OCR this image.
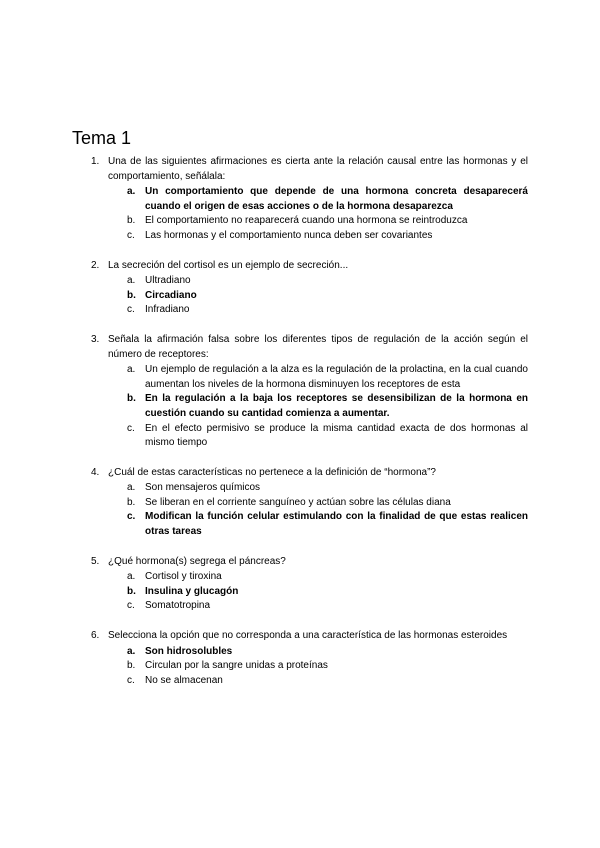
Tema 1
1. Una de las siguientes afirmaciones es cierta ante la relación causal entre las hormonas y el comportamiento, señálala:
a. Un comportamiento que depende de una hormona concreta desaparecerá cuando el origen de esas acciones o de la hormona desaparezca
b. El comportamiento no reaparecerá cuando una hormona se reintroduzca
c. Las hormonas y el comportamiento nunca deben ser covariantes
2. La secreción del cortisol es un ejemplo de secreción...
a. Ultradiano
b. Circadiano
c. Infradiano
3. Señala la afirmación falsa sobre los diferentes tipos de regulación de la acción según el número de receptores:
a. Un ejemplo de regulación a la alza es la regulación de la prolactina, en la cual cuando aumentan los niveles de la hormona disminuyen los receptores de esta
b. En la regulación a la baja los receptores se desensibilizan de la hormona en cuestión cuando su cantidad comienza a aumentar.
c. En el efecto permisivo se produce la misma cantidad exacta de dos hormonas al mismo tiempo
4. ¿Cuál de estas características no pertenece a la definición de “hormona”?
a. Son mensajeros químicos
b. Se liberan en el corriente sanguíneo y actúan sobre las células diana
c. Modifican la función celular estimulando con la finalidad de que estas realicen otras tareas
5. ¿Qué hormona(s) segrega el páncreas?
a. Cortisol y tiroxina
b. Insulina y glucagón
c. Somatotropina
6. Selecciona la opción que no corresponda a una característica de las hormonas esteroides
a. Son hidrosolubles
b. Circulan por la sangre unidas a proteínas
c. No se almacenan
